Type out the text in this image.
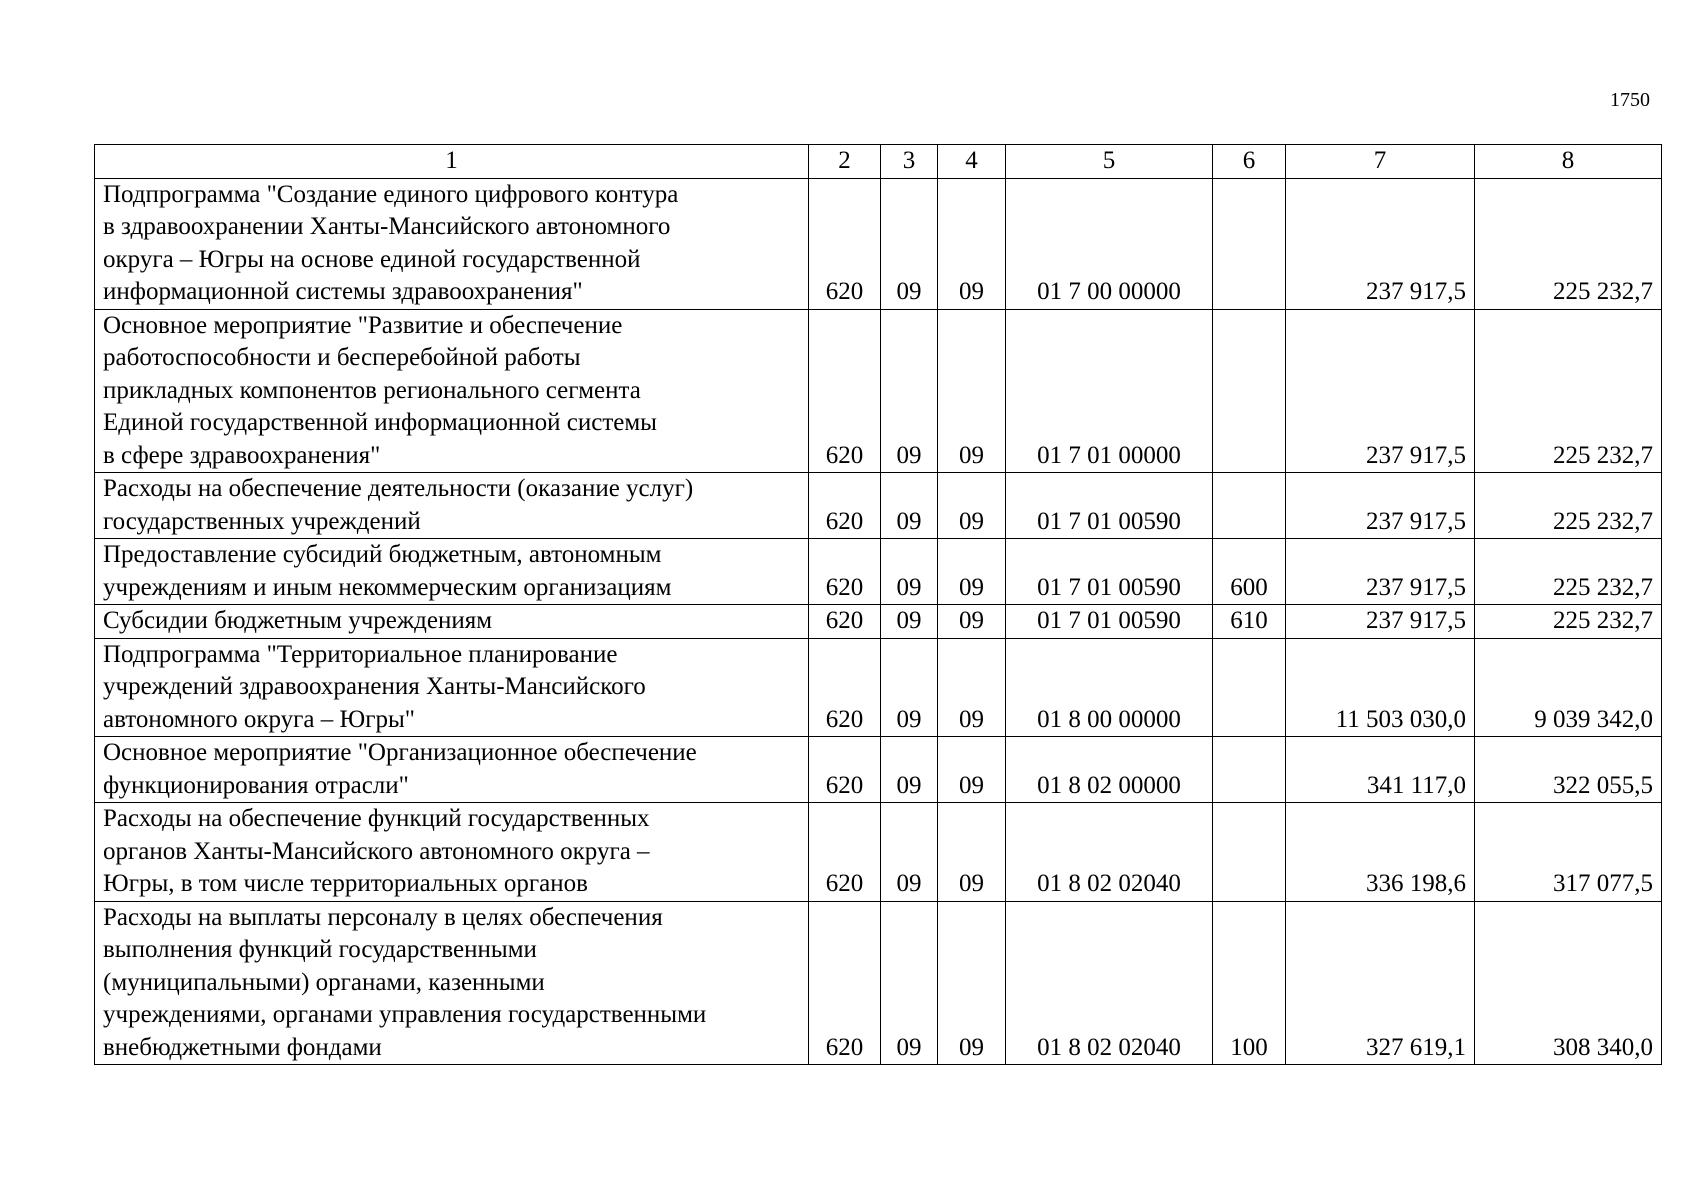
1750
1	2	3	4	5	6	7	8

Подпрограмма "Создание единого цифрового контура
в здравоохранении Ханты-Мансийского автономного
округа – Югры на основе единой государственной
информационной системы здравоохранения"	620	09	09	01 7 00 00000		237 917,5	225 232,7

Основное мероприятие "Развитие и обеспечение
работоспособности и бесперебойной работы
прикладных компонентов регионального сегмента
Единой государственной информационной системы
в сфере здравоохранения"	620	09	09	01 7 01 00000		237 917,5	225 232,7

Расходы на обеспечение деятельности (оказание услуг)
государственных учреждений	620	09	09	01 7 01 00590		237 917,5	225 232,7

Предоставление субсидий бюджетным, автономным
учреждениям и иным некоммерческим организациям	620	09	09	01 7 01 00590	600	237 917,5	225 232,7

Субсидии бюджетным учреждениям	620	09	09	01 7 01 00590	610	237 917,5	225 232,7

Подпрограмма "Территориальное планирование
учреждений здравоохранения Ханты-Мансийского
автономного округа – Югры"	620	09	09	01 8 00 00000		11 503 030,0	9 039 342,0

Основное мероприятие "Организационное обеспечение
функционирования отрасли"	620	09	09	01 8 02 00000		341 117,0	322 055,5

Расходы на обеспечение функций государственных
органов Ханты-Мансийского автономного округа –
Югры, в том числе территориальных органов	620	09	09	01 8 02 02040		336 198,6	317 077,5

Расходы на выплаты персоналу в целях обеспечения
выполнения функций государственными
(муниципальными) органами, казенными
учреждениями, органами управления государственными
внебюджетными фондами	620	09	09	01 8 02 02040	100	327 619,1	308 340,0
